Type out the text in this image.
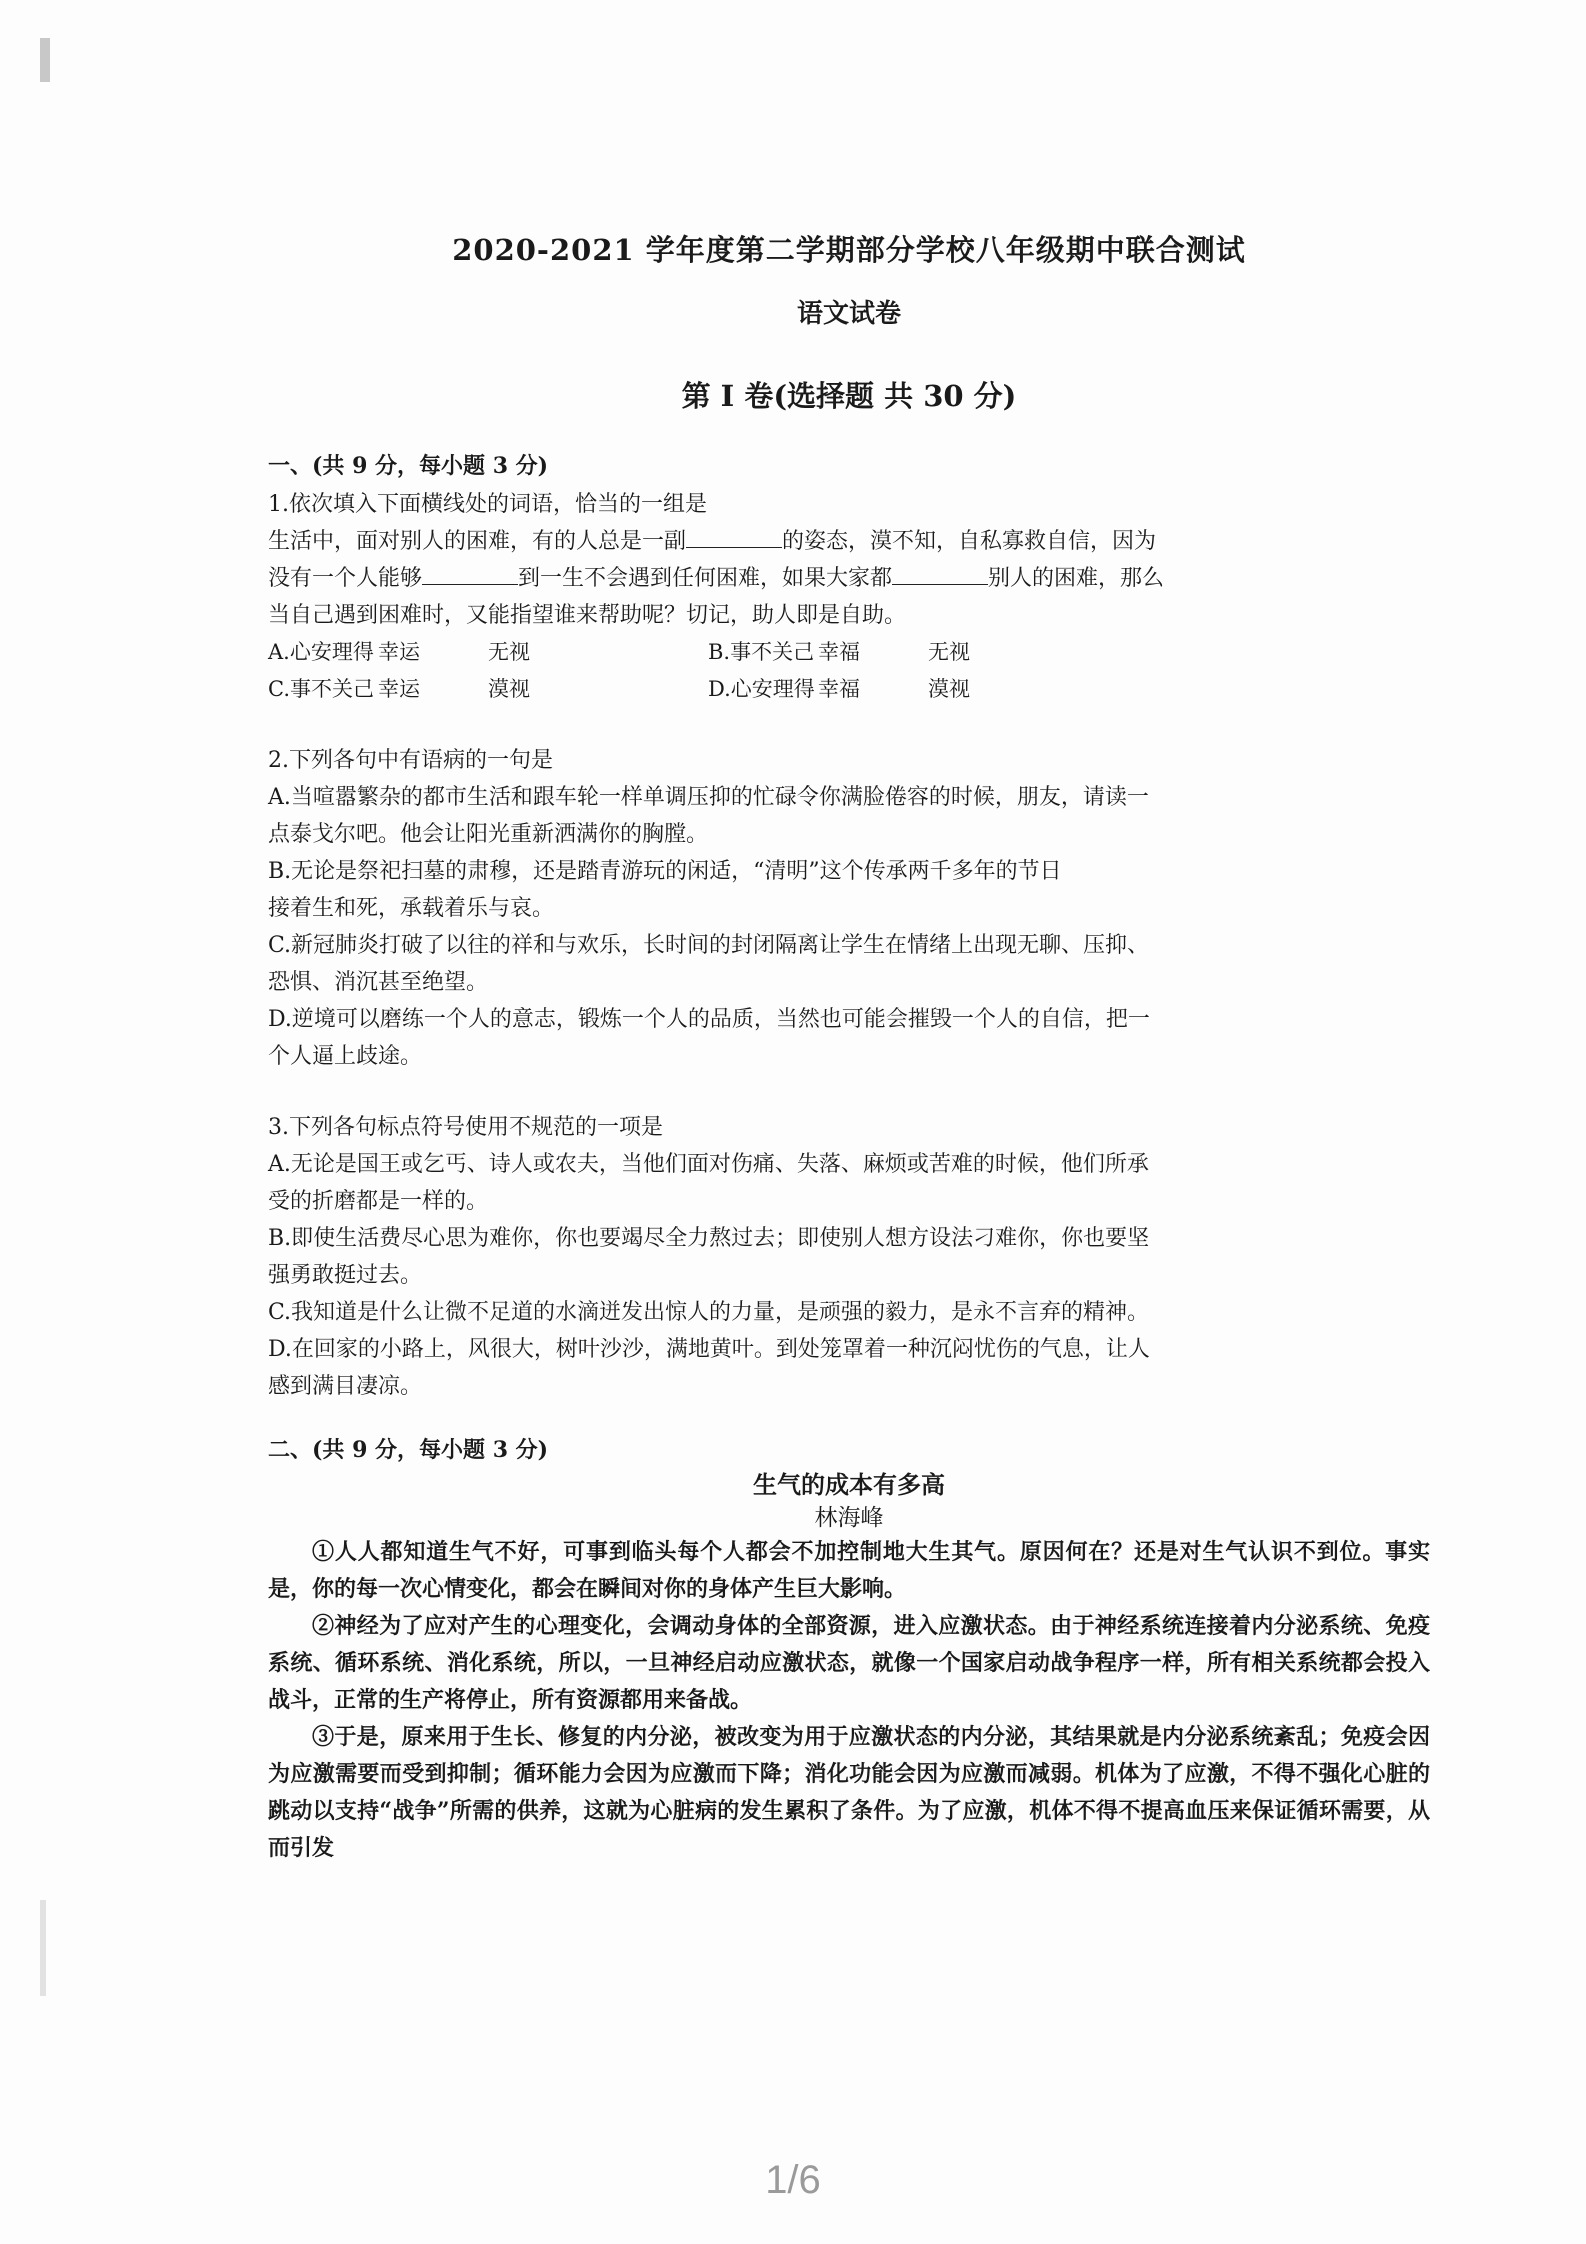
2020-2021 学年度第二学期部分学校八年级期中联合测试

语文试卷

第 I 卷(选择题 共 30 分)

一、(共 9 分，每小题 3 分)

1.依次填入下面横线处的词语，恰当的一组是

生活中，面对别人的困难，有的人总是一副	的姿态，漠不知，自私寡救自信，因为

没有一个人能够	到一生不会遇到任何困难，如果大家都	别人的困难，那么

当自己遇到困难时，又能指望谁来帮助呢？切记，助人即是自助。

A.心安理得 幸运	无视	B.事不关己 幸福	无视
C.事不关己 幸运	漠视	D.心安理得 幸福	漠视

2.下列各句中有语病的一句是

A.当喧嚣繁杂的都市生活和跟车轮一样单调压抑的忙碌令你满脸倦容的时候，朋友，请读一

点泰戈尔吧。他会让阳光重新洒满你的胸膛。

B.无论是祭祀扫墓的肃穆，还是踏青游玩的闲适，“清明”这个传承两千多年的节日

接着生和死，承载着乐与哀。

C.新冠肺炎打破了以往的祥和与欢乐，长时间的封闭隔离让学生在情绪上出现无聊、压抑、

恐惧、消沉甚至绝望。

D.逆境可以磨练一个人的意志，锻炼一个人的品质，当然也可能会摧毁一个人的自信，把一

个人逼上歧途。

3.下列各句标点符号使用不规范的一项是

A.无论是国王或乞丐、诗人或农夫，当他们面对伤痛、失落、麻烦或苦难的时候，他们所承

受的折磨都是一样的。

B.即使生活费尽心思为难你，你也要竭尽全力熬过去；即使别人想方设法刁难你，你也要坚

强勇敢挺过去。

C.我知道是什么让微不足道的水滴迸发出惊人的力量，是顽强的毅力，是永不言弃的精神。

D.在回家的小路上，风很大，树叶沙沙，满地黄叶。到处笼罩着一种沉闷忧伤的气息，让人

感到满目凄凉。

二、(共 9 分，每小题 3 分)

生气的成本有多高

林海峰

①人人都知道生气不好，可事到临头每个人都会不加控制地大生其气。原因何在？还是对生气认识不到位。事实是，你的每一次心情变化，都会在瞬间对你的身体产生巨大影响。

②神经为了应对产生的心理变化，会调动身体的全部资源，进入应激状态。由于神经系统连接着内分泌系统、免疫系统、循环系统、消化系统，所以，一旦神经启动应激状态，就像一个国家启动战争程序一样，所有相关系统都会投入战斗，正常的生产将停止，所有资源都用来备战。

③于是，原来用于生长、修复的内分泌，被改变为用于应激状态的内分泌，其结果就是内分泌系统紊乱；免疫会因为应激需要而受到抑制；循环能力会因为应激而下降；消化功能会因为应激而减弱。机体为了应激，不得不强化心脏的跳动以支持“战争”所需的供养，这就为心脏病的发生累积了条件。为了应激，机体不得不提高血压来保证循环需要，从而引发

1/6
